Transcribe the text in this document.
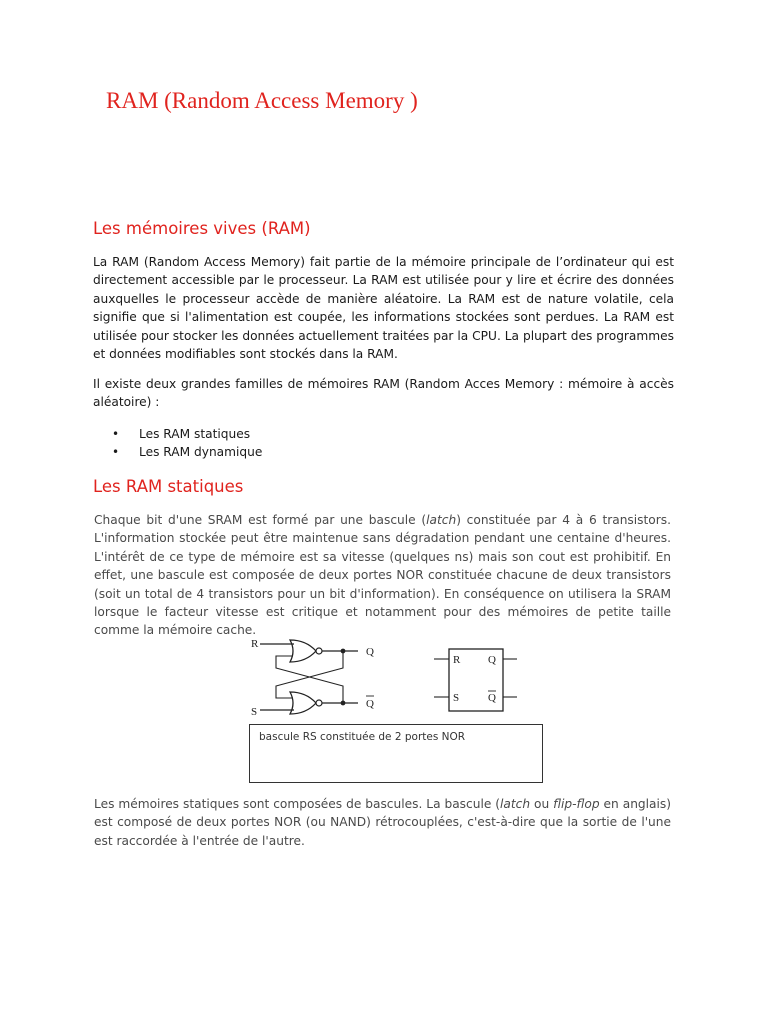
RAM (Random Access Memory )
Les mémoires vives (RAM)

La RAM (Random Access Memory) fait partie de la mémoire principale de l’ordinateur qui est directement accessible par le processeur. La RAM est utilisée pour y lire et écrire des données auxquelles le processeur accède de manière aléatoire. La RAM est de nature volatile, cela signifie que si l'alimentation est coupée, les informations stockées sont perdues. La RAM est utilisée pour stocker les données actuellement traitées par la CPU. La plupart des programmes et données modifiables sont stockés dans la RAM.

Il existe deux grandes familles de mémoires RAM (Random Acces Memory : mémoire à accès aléatoire) :

• Les RAM statiques
• Les RAM dynamique
Les RAM statiques

Chaque bit d'une SRAM est formé par une bascule (latch) constituée par 4 à 6 transistors. L'information stockée peut être maintenue sans dégradation pendant une centaine d'heures. L'intérêt de ce type de mémoire est sa vitesse (quelques ns) mais son cout est prohibitif. En effet, une bascule est composée de deux portes NOR constituée chacune de deux transistors (soit un total de 4 transistors pour un bit d'information). En conséquence on utilisera la SRAM lorsque le facteur vitesse est critique et notamment pour des mémoires de petite taille comme la mémoire cache.

R
S
Q
Q
R
S
Q
Q
bascule RS constituée de 2 portes NOR

Les mémoires statiques sont composées de bascules. La bascule (latch ou flip-flop en anglais) est composé de deux portes NOR (ou NAND) rétrocouplées, c'est-à-dire que la sortie de l'une est raccordée à l'entrée de l'autre.
